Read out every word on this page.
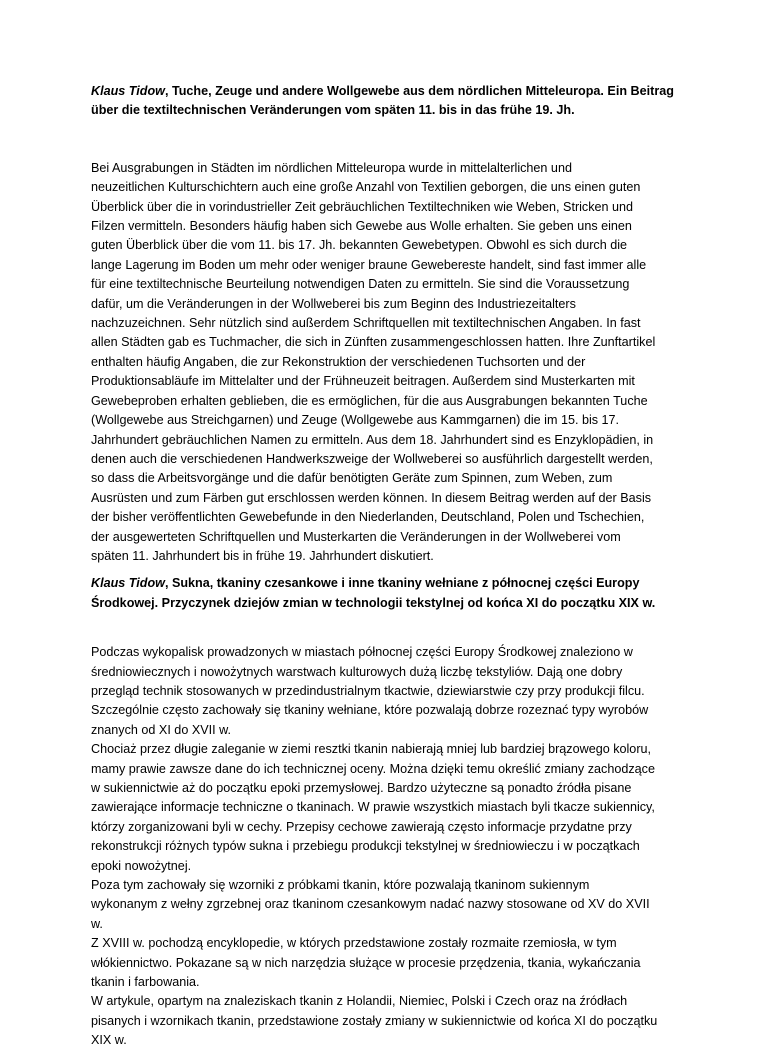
Klaus Tidow, Tuche, Zeuge und andere Wollgewebe aus dem nördlichen Mitteleuropa. Ein Beitrag
über die textiltechnischen Veränderungen vom späten 11. bis in das frühe 19. Jh.
Bei Ausgrabungen in Städten im nördlichen Mitteleuropa wurde in mittelalterlichen und
neuzeitlichen Kulturschichtern auch eine große Anzahl von Textilien geborgen, die uns einen guten
Überblick über die in vorindustrieller Zeit gebräuchlichen Textiltechniken wie Weben, Stricken und
Filzen vermitteln. Besonders häufig haben sich Gewebe aus Wolle erhalten. Sie geben uns einen
guten Überblick über die vom 11. bis 17. Jh. bekannten Gewebetypen. Obwohl es sich durch die
lange Lagerung im Boden um mehr oder weniger braune Gewebereste handelt, sind fast immer alle
für eine textiltechnische Beurteilung notwendigen Daten zu ermitteln. Sie sind die Voraussetzung
dafür, um die Veränderungen in der Wollweberei bis zum Beginn des Industriezeitalters
nachzuzeichnen. Sehr nützlich sind außerdem Schriftquellen mit textiltechnischen Angaben. In fast
allen Städten gab es Tuchmacher, die sich in Zünften zusammengeschlossen hatten. Ihre Zunftartikel
enthalten häufig Angaben, die zur Rekonstruktion der verschiedenen Tuchsorten und der
Produktionsabläufe im Mittelalter und der Frühneuzeit beitragen. Außerdem sind Musterkarten mit
Gewebeproben erhalten geblieben, die es ermöglichen, für die aus Ausgrabungen bekannten Tuche
(Wollgewebe aus Streichgarnen) und Zeuge (Wollgewebe aus Kammgarnen) die im 15. bis 17.
Jahrhundert gebräuchlichen Namen zu ermitteln. Aus dem 18. Jahrhundert sind es Enzyklopädien, in
denen auch die verschiedenen Handwerkszweige der Wollweberei so ausführlich dargestellt werden,
so dass die Arbeitsvorgänge und die dafür benötigten Geräte zum Spinnen, zum Weben, zum
Ausrüsten und zum Färben gut erschlossen werden können. In diesem Beitrag werden auf der Basis
der bisher veröffentlichten Gewebefunde in den Niederlanden, Deutschland, Polen und Tschechien,
der ausgewerteten Schriftquellen und Musterkarten die Veränderungen in der Wollweberei vom
späten 11. Jahrhundert bis in frühe 19. Jahrhundert diskutiert.
Klaus Tidow, Sukna, tkaniny czesankowe i inne tkaniny wełniane z północnej części Europy
Środkowej. Przyczynek dziejów zmian w technologii tekstylnej od końca XI do początku XIX w.
Podczas wykopalisk prowadzonych w miastach północnej części Europy Środkowej znaleziono w
średniowiecznych i nowożytnych warstwach kulturowych dużą liczbę tekstyliów. Dają one dobry
przegląd technik stosowanych w przedindustrialnym tkactwie, dziewiarstwie czy przy produkcji filcu.
Szczególnie często zachowały się tkaniny wełniane, które pozwalają dobrze rozeznać typy wyrobów
znanych od XI do XVII w.
Chociaż przez długie zaleganie w ziemi resztki tkanin nabierają mniej lub bardziej brązowego koloru,
mamy prawie zawsze dane do ich technicznej oceny. Można dzięki temu określić zmiany zachodzące
w sukiennictwie aż do początku epoki przemysłowej. Bardzo użyteczne są ponadto źródła pisane
zawierające informacje techniczne o tkaninach. W prawie wszystkich miastach byli tkacze sukiennicy,
którzy zorganizowani byli w cechy. Przepisy cechowe zawierają często informacje przydatne przy
rekonstrukcji różnych typów sukna i przebiegu produkcji tekstylnej w średniowieczu i w początkach
epoki nowożytnej.
Poza tym zachowały się wzorniki z próbkami tkanin, które pozwalają tkaninom sukiennym
wykonanym z wełny zgrzebnej oraz tkaninom czesankowym nadać nazwy stosowane od XV do XVII
w.
Z XVIII w. pochodzą encyklopedie, w których przedstawione zostały rozmaite rzemiosła, w tym
włókiennictwo. Pokazane są w nich narzędzia służące w procesie przędzenia, tkania, wykańczania
tkanin i farbowania.
W artykule, opartym na znaleziskach tkanin z Holandii, Niemiec, Polski i Czech oraz na źródłach
pisanych i wzornikach tkanin, przedstawione zostały zmiany w sukiennictwie od końca XI do początku
XIX w.
